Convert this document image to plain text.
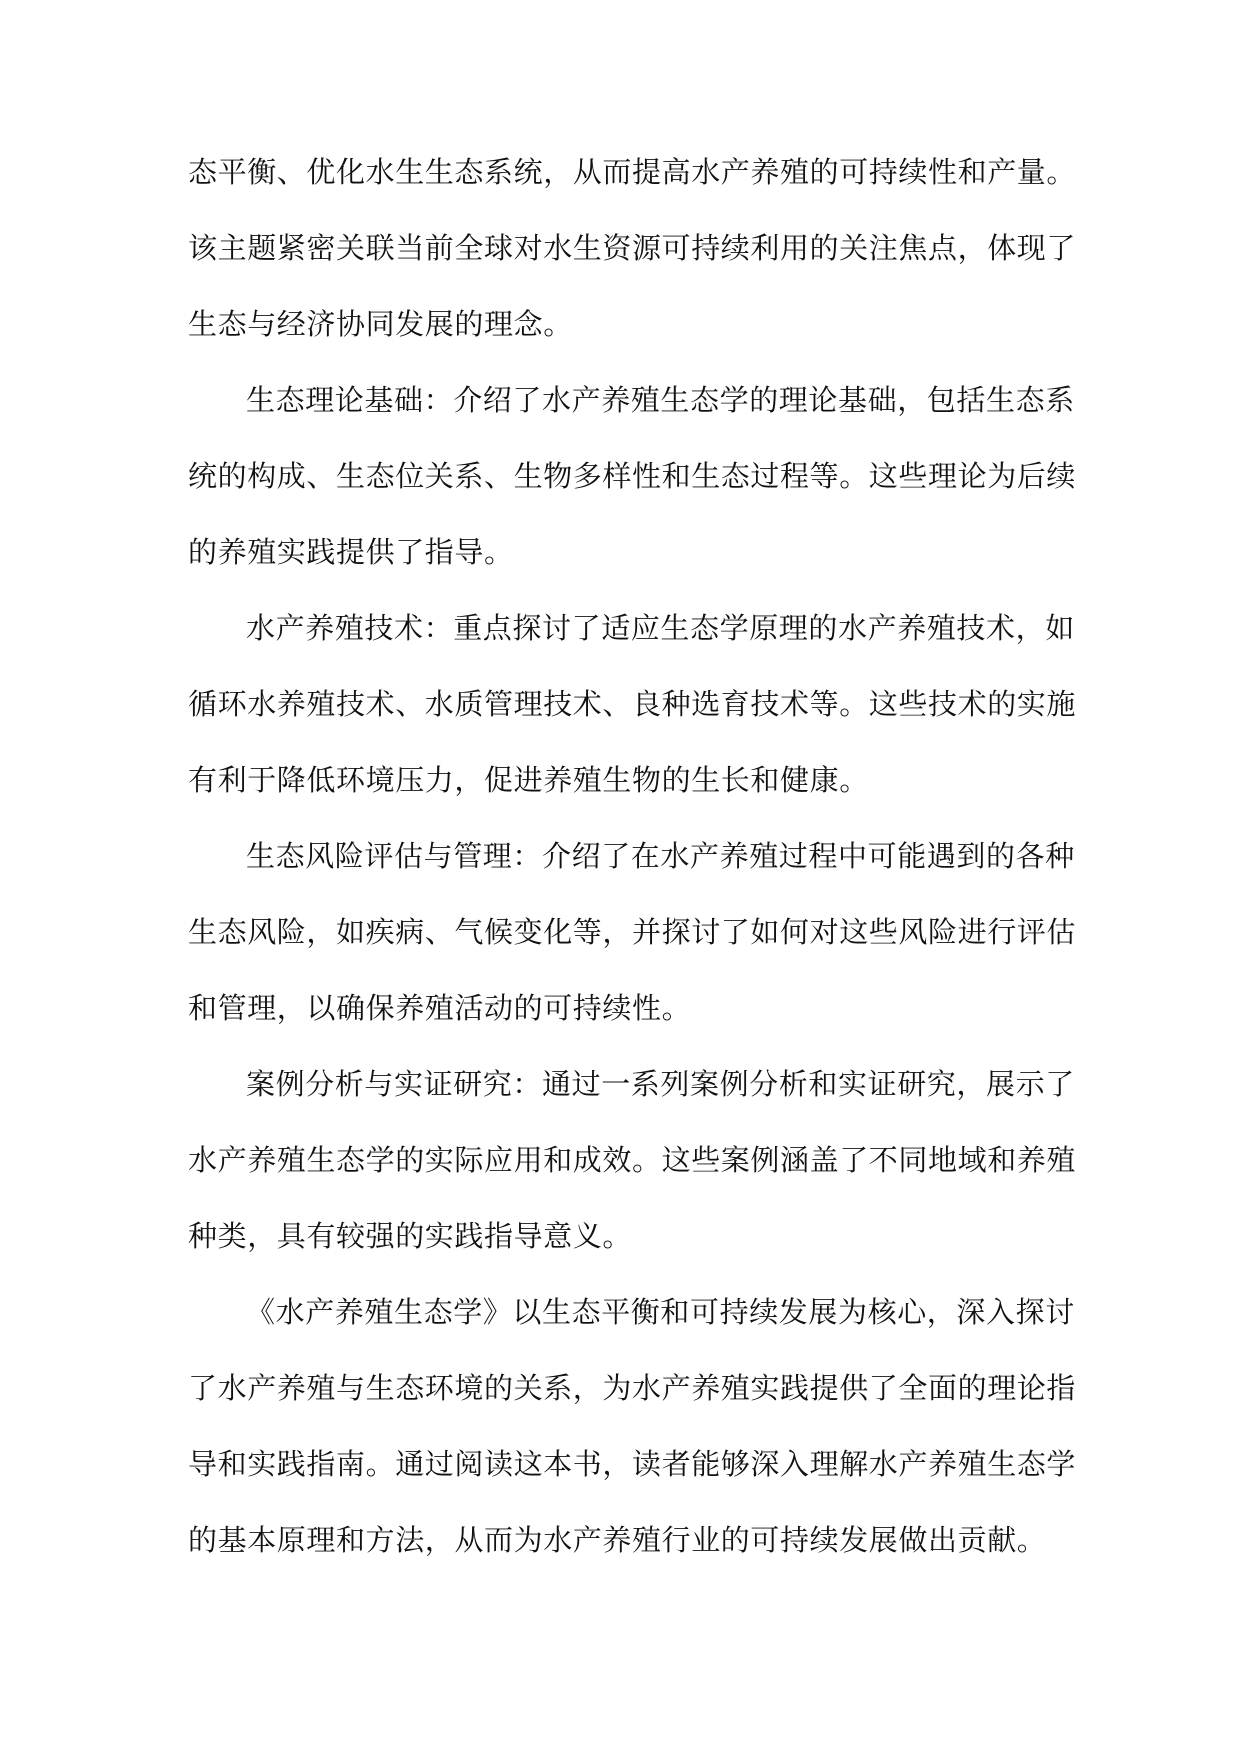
态平衡、优化水生生态系统，从而提高水产养殖的可持续性和产量。
该主题紧密关联当前全球对水生资源可持续利用的关注焦点，体现了
生态与经济协同发展的理念。

生态理论基础：介绍了水产养殖生态学的理论基础，包括生态系
统的构成、生态位关系、生物多样性和生态过程等。这些理论为后续
的养殖实践提供了指导。

水产养殖技术：重点探讨了适应生态学原理的水产养殖技术，如
循环水养殖技术、水质管理技术、良种选育技术等。这些技术的实施
有利于降低环境压力，促进养殖生物的生长和健康。

生态风险评估与管理：介绍了在水产养殖过程中可能遇到的各种
生态风险，如疾病、气候变化等，并探讨了如何对这些风险进行评估
和管理，以确保养殖活动的可持续性。

案例分析与实证研究：通过一系列案例分析和实证研究，展示了
水产养殖生态学的实际应用和成效。这些案例涵盖了不同地域和养殖
种类，具有较强的实践指导意义。

《水产养殖生态学》以生态平衡和可持续发展为核心，深入探讨
了水产养殖与生态环境的关系，为水产养殖实践提供了全面的理论指
导和实践指南。通过阅读这本书，读者能够深入理解水产养殖生态学
的基本原理和方法，从而为水产养殖行业的可持续发展做出贡献。
